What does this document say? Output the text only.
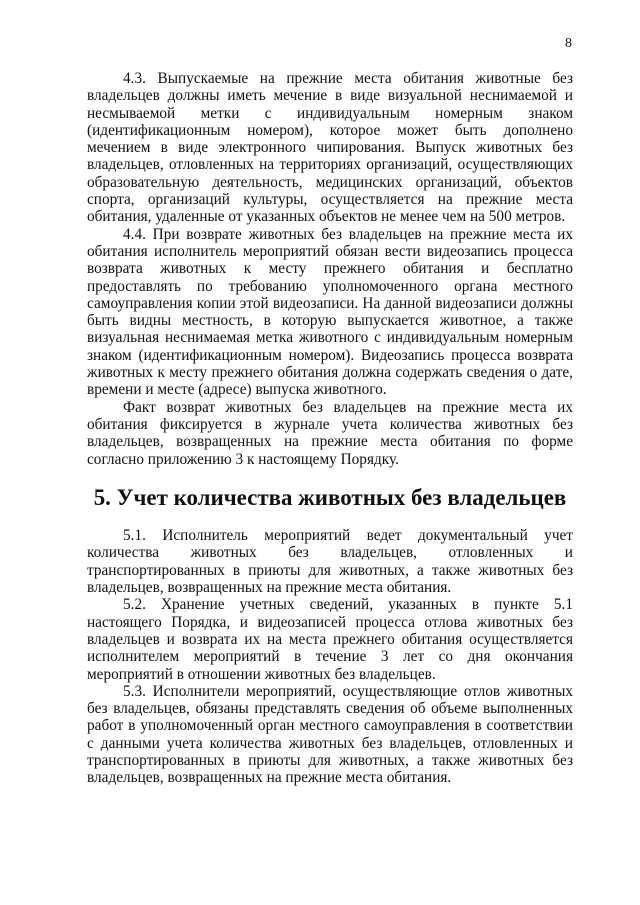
8

4.3. Выпускаемые на прежние места обитания животные без владельцев должны иметь мечение в виде визуальной неснимаемой и несмываемой метки с индивидуальным номерным знаком (идентификационным номером), которое может быть дополнено мечением в виде электронного чипирования. Выпуск животных без владельцев, отловленных на территориях организаций, осуществляющих образовательную деятельность, медицинских организаций, объектов спорта, организаций культуры, осуществляется на прежние места обитания, удаленные от указанных объектов не менее чем на 500 метров.

4.4. При возврате животных без владельцев на прежние места их обитания исполнитель мероприятий обязан вести видеозапись процесса возврата животных к месту прежнего обитания и бесплатно предоставлять по требованию уполномоченного органа местного самоуправления копии этой видеозаписи. На данной видеозаписи должны быть видны местность, в которую выпускается животное, а также визуальная неснимаемая метка животного с индивидуальным номерным знаком (идентификационным номером). Видеозапись процесса возврата животных к месту прежнего обитания должна содержать сведения о дате, времени и месте (адресе) выпуска животного.

Факт возврат животных без владельцев на прежние места их обитания фиксируется в журнале учета количества животных без владельцев, возвращенных на прежние места обитания по форме согласно приложению 3 к настоящему Порядку.

5. Учет количества животных без владельцев

5.1. Исполнитель мероприятий ведет документальный учет количества животных без владельцев, отловленных и транспортированных в приюты для животных, а также животных без владельцев, возвращенных на прежние места обитания.

5.2. Хранение учетных сведений, указанных в пункте 5.1 настоящего Порядка, и видеозаписей процесса отлова животных без владельцев и возврата их на места прежнего обитания осуществляется исполнителем мероприятий в течение 3 лет со дня окончания мероприятий в отношении животных без владельцев.

5.3. Исполнители мероприятий, осуществляющие отлов животных без владельцев, обязаны представлять сведения об объеме выполненных работ в уполномоченный орган местного самоуправления в соответствии с данными учета количества животных без владельцев, отловленных и транспортированных в приюты для животных, а также животных без владельцев, возвращенных на прежние места обитания.
